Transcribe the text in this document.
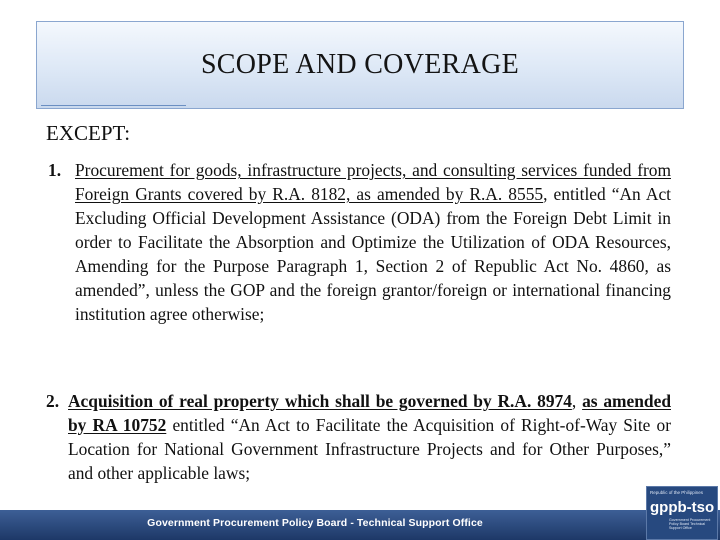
SCOPE AND COVERAGE
EXCEPT:
1. Procurement for goods, infrastructure projects, and consulting services funded from Foreign Grants covered by R.A. 8182, as amended by R.A. 8555, entitled “An Act Excluding Official Development Assistance (ODA) from the Foreign Debt Limit in order to Facilitate the Absorption and Optimize the Utilization of ODA Resources, Amending for the Purpose Paragraph 1, Section 2 of Republic Act No. 4860, as amended”, unless the GOP and the foreign grantor/foreign or international financing institution agree otherwise;
2. Acquisition of real property which shall be governed by R.A. 8974, as amended by RA 10752 entitled “An Act to Facilitate the Acquisition of Right-of-Way Site or Location for National Government Infrastructure Projects and for Other Purposes,” and other applicable laws;
Government Procurement Policy Board - Technical Support Office
Republic of the Philippines
gppb-tso
Government Procurement Policy Board Technical Support Office
